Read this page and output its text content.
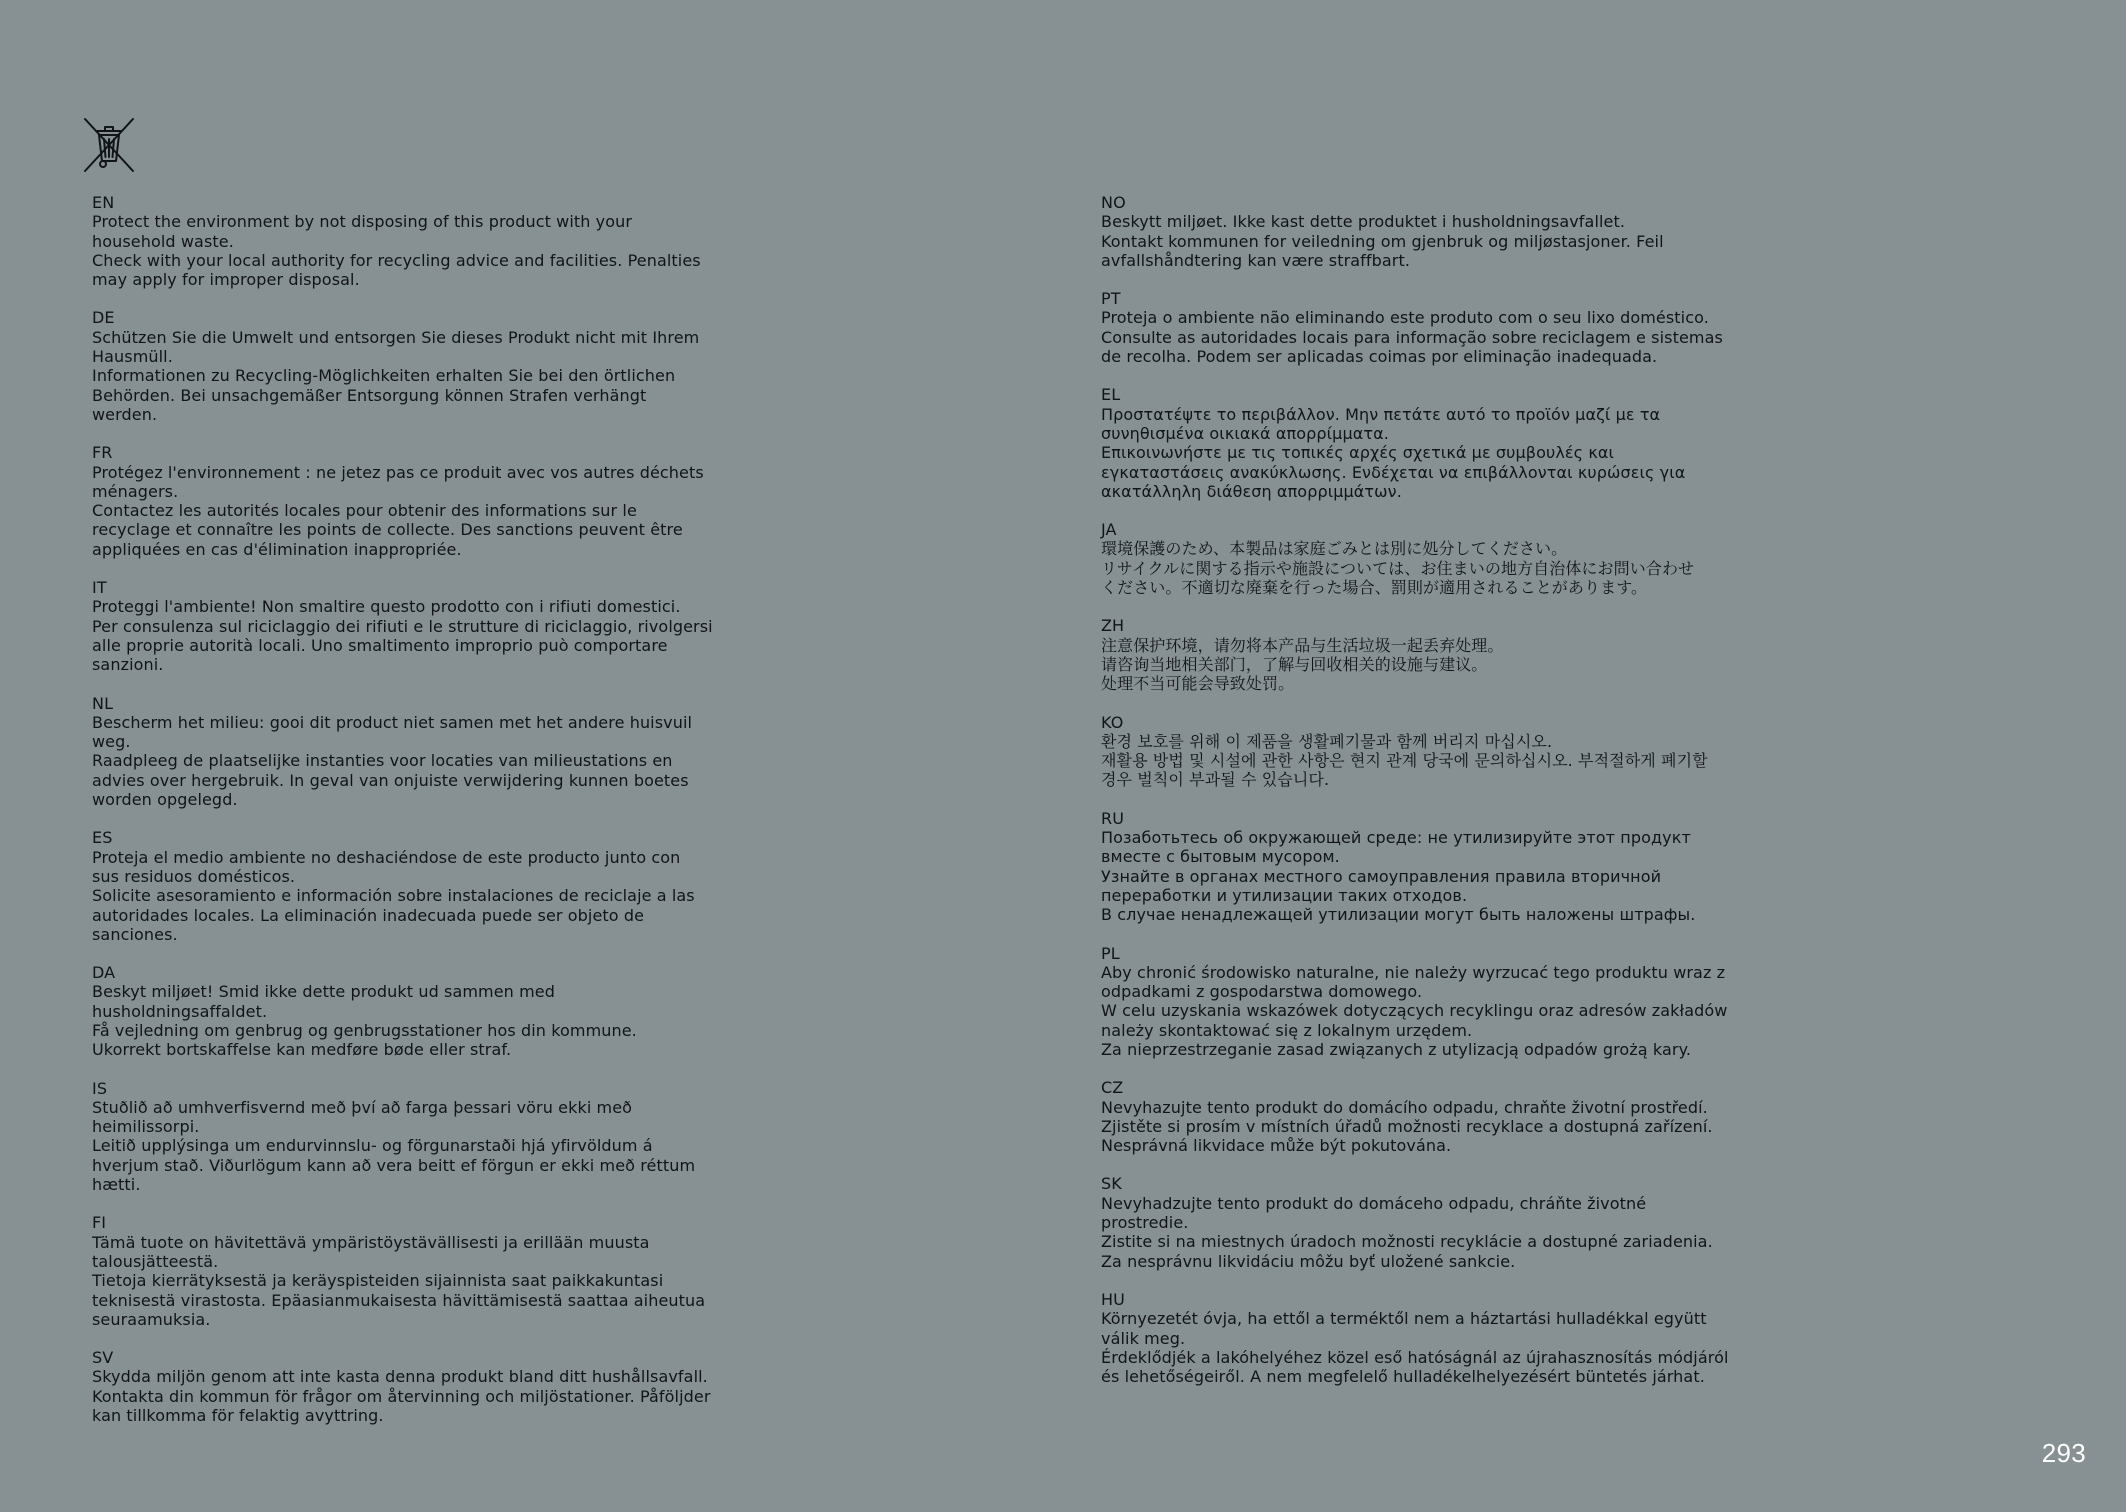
EN
Protect the environment by not disposing of this product with your
household waste.
Check with your local authority for recycling advice and facilities. Penalties
may apply for improper disposal.
DE
Schützen Sie die Umwelt und entsorgen Sie dieses Produkt nicht mit Ihrem
Hausmüll.
Informationen zu Recycling-Möglichkeiten erhalten Sie bei den örtlichen
Behörden. Bei unsachgemäßer Entsorgung können Strafen verhängt
werden.
FR
Protégez l'environnement : ne jetez pas ce produit avec vos autres déchets
ménagers.
Contactez les autorités locales pour obtenir des informations sur le
recyclage et connaître les points de collecte. Des sanctions peuvent être
appliquées en cas d'élimination inappropriée.
IT
Proteggi l'ambiente! Non smaltire questo prodotto con i rifiuti domestici.
Per consulenza sul riciclaggio dei rifiuti e le strutture di riciclaggio, rivolgersi
alle proprie autorità locali. Uno smaltimento improprio può comportare
sanzioni.
NL
Bescherm het milieu: gooi dit product niet samen met het andere huisvuil
weg.
Raadpleeg de plaatselijke instanties voor locaties van milieustations en
advies over hergebruik. In geval van onjuiste verwijdering kunnen boetes
worden opgelegd.
ES
Proteja el medio ambiente no deshaciéndose de este producto junto con
sus residuos domésticos.
Solicite asesoramiento e información sobre instalaciones de reciclaje a las
autoridades locales. La eliminación inadecuada puede ser objeto de
sanciones.
DA
Beskyt miljøet! Smid ikke dette produkt ud sammen med
husholdningsaffaldet.
Få vejledning om genbrug og genbrugsstationer hos din kommune.
Ukorrekt bortskaffelse kan medføre bøde eller straf.
IS
Stuðlið að umhverfisvernd með því að farga þessari vöru ekki með
heimilissorpi.
Leitið upplýsinga um endurvinnslu- og förgunarstaði hjá yfirvöldum á
hverjum stað. Viðurlögum kann að vera beitt ef förgun er ekki með réttum
hætti.
FI
Tämä tuote on hävitettävä ympäristöystävällisesti ja erillään muusta
talousjätteestä.
Tietoja kierrätyksestä ja keräyspisteiden sijainnista saat paikkakuntasi
teknisestä virastosta. Epäasianmukaisesta hävittämisestä saattaa aiheutua
seuraamuksia.
SV
Skydda miljön genom att inte kasta denna produkt bland ditt hushållsavfall.
Kontakta din kommun för frågor om återvinning och miljöstationer. Påföljder
kan tillkomma för felaktig avyttring.
NO
Beskytt miljøet. Ikke kast dette produktet i husholdningsavfallet.
Kontakt kommunen for veiledning om gjenbruk og miljøstasjoner. Feil
avfallshåndtering kan være straffbart.
PT
Proteja o ambiente não eliminando este produto com o seu lixo doméstico.
Consulte as autoridades locais para informação sobre reciclagem e sistemas
de recolha. Podem ser aplicadas coimas por eliminação inadequada.
EL
Προστατέψτε το περιβάλλον. Μην πετάτε αυτό το προϊόν μαζί με τα
συνηθισμένα οικιακά απορρίμματα.
Επικοινωνήστε με τις τοπικές αρχές σχετικά με συμβουλές και
εγκαταστάσεις ανακύκλωσης. Ενδέχεται να επιβάλλονται κυρώσεις για
ακατάλληλη διάθεση απορριμμάτων.
JA
環境保護のため、本製品は家庭ごみとは別に処分してください。
リサイクルに関する指示や施設については、お住まいの地方自治体にお問い合わせ
ください。不適切な廃棄を行った場合、罰則が適用されることがあります。
ZH
注意保护环境，请勿将本产品与生活垃圾一起丢弃处理。
请咨询当地相关部门，了解与回收相关的设施与建议。
处理不当可能会导致处罚。
KO
환경 보호를 위해 이 제품을 생활폐기물과 함께 버리지 마십시오.
재활용 방법 및 시설에 관한 사항은 현지 관계 당국에 문의하십시오. 부적절하게 폐기할
경우 벌칙이 부과될 수 있습니다.
RU
Позаботьтесь об окружающей среде: не утилизируйте этот продукт
вместе с бытовым мусором.
Узнайте в органах местного самоуправления правила вторичной
переработки и утилизации таких отходов.
В случае ненадлежащей утилизации могут быть наложены штрафы.
PL
Aby chronić środowisko naturalne, nie należy wyrzucać tego produktu wraz z
odpadkami z gospodarstwa domowego.
W celu uzyskania wskazówek dotyczących recyklingu oraz adresów zakładów
należy skontaktować się z lokalnym urzędem.
Za nieprzestrzeganie zasad związanych z utylizacją odpadów grożą kary.
CZ
Nevyhazujte tento produkt do domácího odpadu, chraňte životní prostředí.
Zjistěte si prosím v místních úřadů možnosti recyklace a dostupná zařízení.
Nesprávná likvidace může být pokutována.
SK
Nevyhadzujte tento produkt do domáceho odpadu, chráňte životné
prostredie.
Zistite si na miestnych úradoch možnosti recyklácie a dostupné zariadenia.
Za nesprávnu likvidáciu môžu byť uložené sankcie.
HU
Környezetét óvja, ha ettől a terméktől nem a háztartási hulladékkal együtt
válik meg.
Érdeklődjék a lakóhelyéhez közel eső hatóságnál az újrahasznosítás módjáról
és lehetőségeiről. A nem megfelelő hulladékelhelyezésért büntetés járhat.
293
